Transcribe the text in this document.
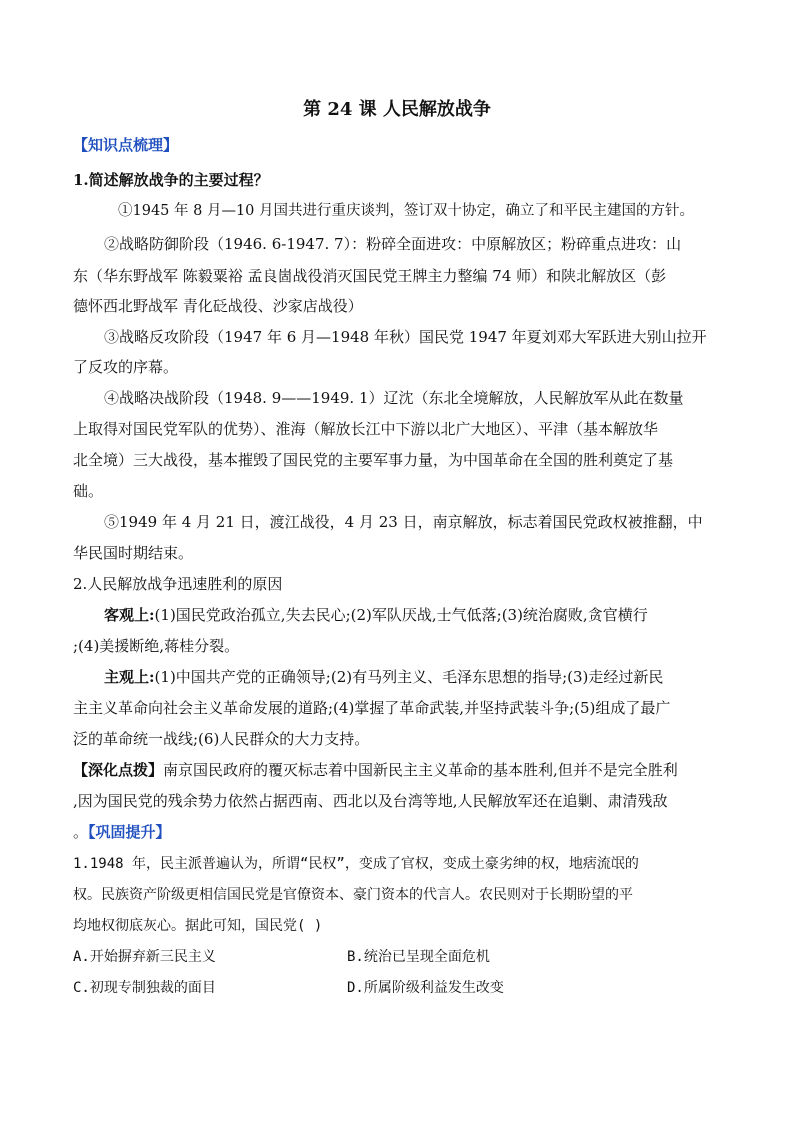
第 24 课 人民解放战争
【知识点梳理】
1.简述解放战争的主要过程？
①1945 年 8 月—10 月国共进行重庆谈判，签订双十协定，确立了和平民主建国的方针。
②战略防御阶段（1946. 6-1947. 7）：粉碎全面进攻：中原解放区；粉碎重点进攻：山
东（华东野战军 陈毅粟裕 孟良崮战役消灭国民党王牌主力整编 74 师）和陕北解放区（彭
德怀西北野战军 青化砭战役、沙家店战役）
③战略反攻阶段（1947 年 6 月—1948 年秋）国民党 1947 年夏刘邓大军跃进大别山拉开
了反攻的序幕。
④战略决战阶段（1948. 9——1949. 1）辽沈（东北全境解放，人民解放军从此在数量
上取得对国民党军队的优势）、淮海（解放长江中下游以北广大地区）、平津（基本解放华
北全境）三大战役，基本摧毁了国民党的主要军事力量，为中国革命在全国的胜利奠定了基
础。
⑤1949 年 4 月 21 日，渡江战役，4 月 23 日，南京解放，标志着国民党政权被推翻，中
华民国时期结束。
2.人民解放战争迅速胜利的原因
客观上:(1)国民党政治孤立,失去民心;(2)军队厌战,士气低落;(3)统治腐败,贪官横行
;(4)美援断绝,蒋桂分裂。
主观上:(1)中国共产党的正确领导;(2)有马列主义、毛泽东思想的指导;(3)走经过新民
主主义革命向社会主义革命发展的道路;(4)掌握了革命武装,并坚持武装斗争;(5)组成了最广
泛的革命统一战线;(6)人民群众的大力支持。
【深化点拨】南京国民政府的覆灭标志着中国新民主主义革命的基本胜利,但并不是完全胜利
,因为国民党的残余势力依然占据西南、西北以及台湾等地,人民解放军还在追剿、肃清残敌
。【巩固提升】
1.1948 年，民主派普遍认为，所谓“民权”，变成了官权，变成土豪劣绅的权，地痞流氓的
权。民族资产阶级更相信国民党是官僚资本、豪门资本的代言人。农民则对于长期盼望的平
均地权彻底灰心。据此可知，国民党( )
A.开始摒弃新三民主义	B.统治已呈现全面危机
C.初现专制独裁的面目	D.所属阶级利益发生改变
